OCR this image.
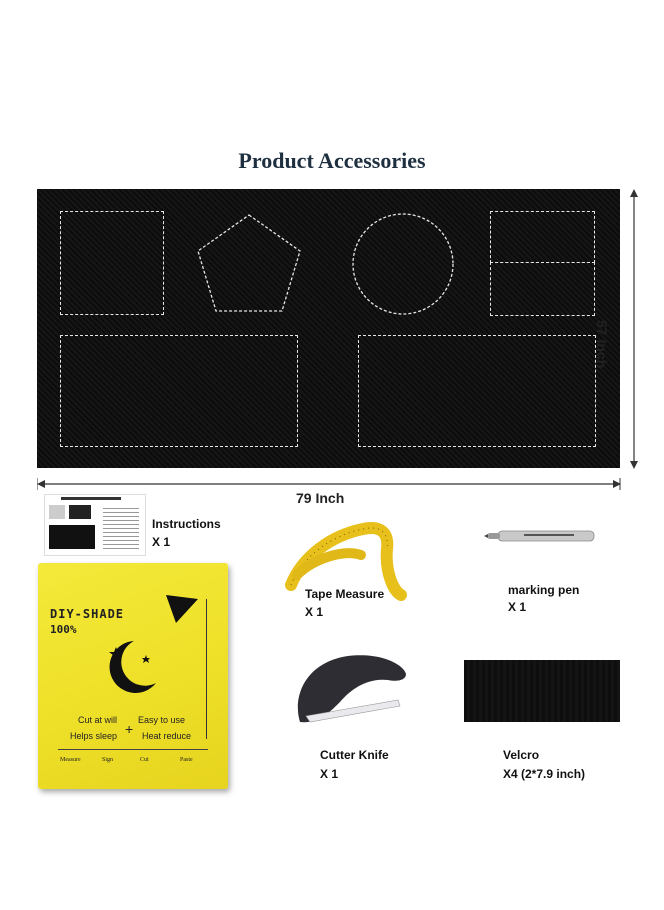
Product Accessories
57 Inch
79 Inch
Instructions
X 1
Tape Measure
X 1
marking pen
X 1
DIY-SHADE
100%
Cut at will Easy to use
+
Helps sleep	Heat reduce
Measure	Sign	Cut	Paste	Cutter Knife
X 1
Velcro
X4 (2*7.9 inch)
